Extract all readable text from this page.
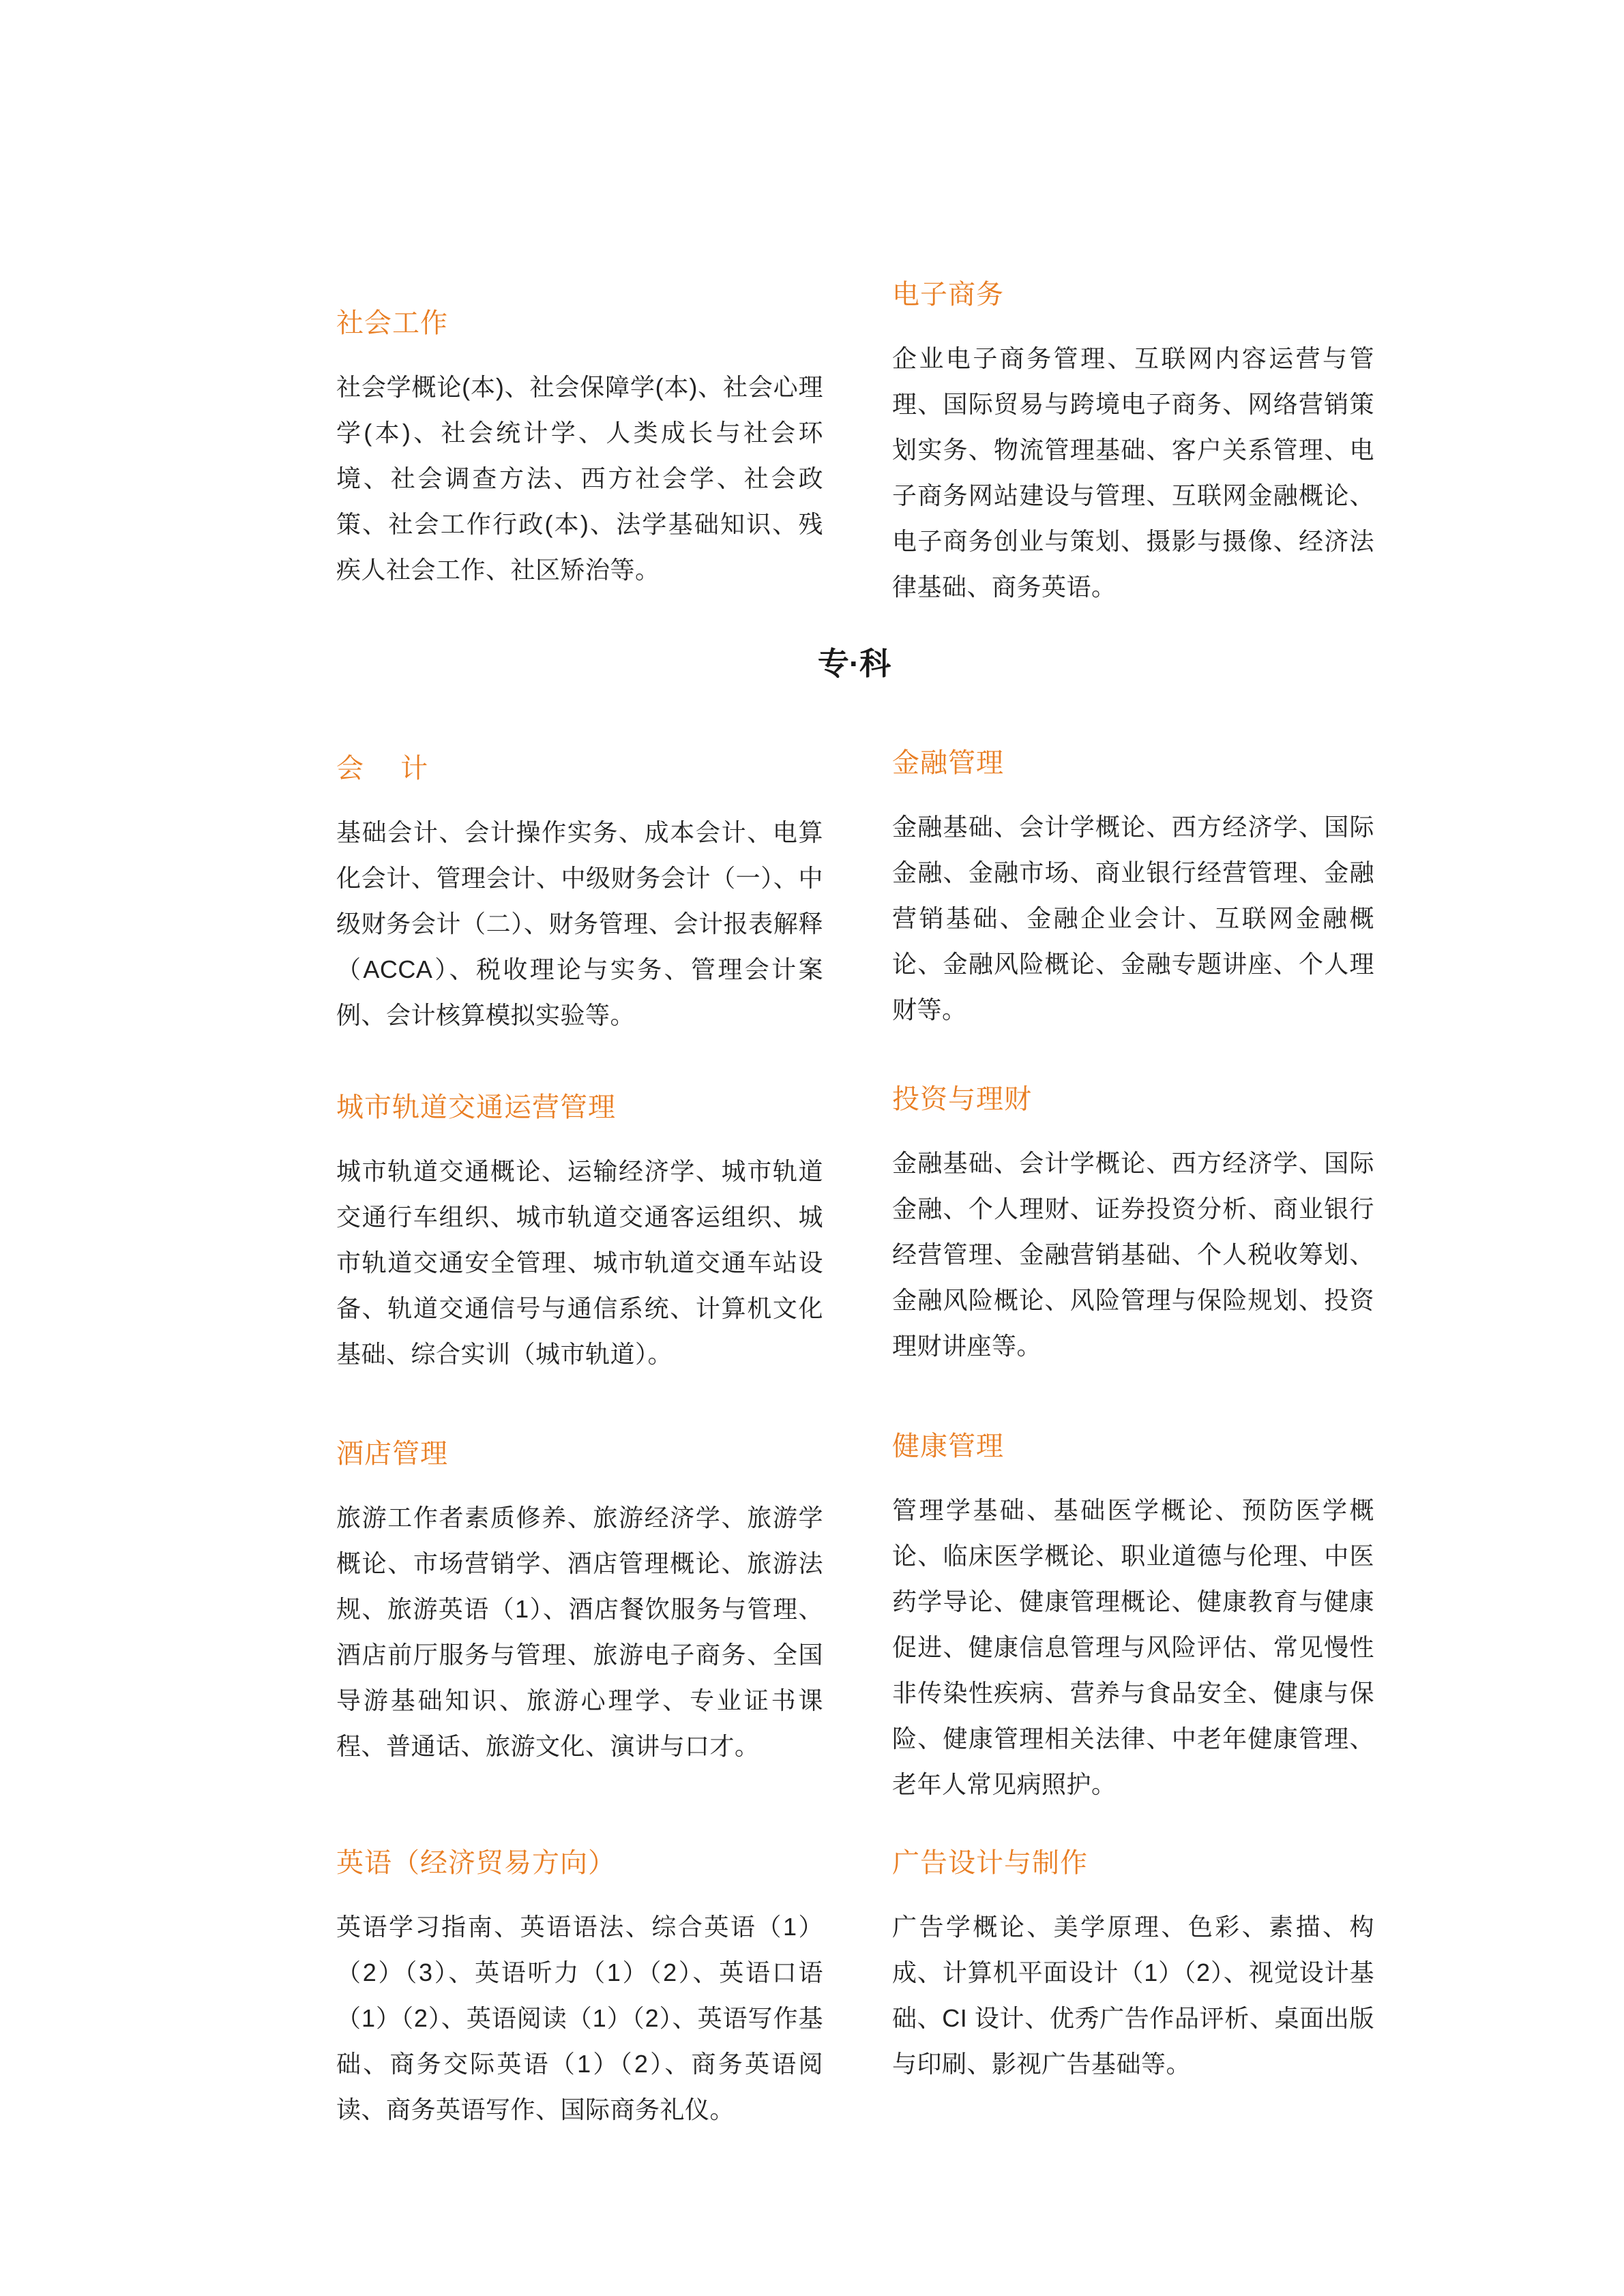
社会工作

社会学概论(本)、社会保障学(本)、社会心理学(本)、社会统计学、人类成长与社会环境、社会调查方法、西方社会学、社会政策、社会工作行政(本)、法学基础知识、残疾人社会工作、社区矫治等。

电子商务

企业电子商务管理、互联网内容运营与管理、国际贸易与跨境电子商务、网络营销策划实务、物流管理基础、客户关系管理、电子商务网站建设与管理、互联网金融概论、电子商务创业与策划、摄影与摄像、经济法律基础、商务英语。

专·科
会　 计

基础会计、会计操作实务、成本会计、电算化会计、管理会计、中级财务会计（一）、中级财务会计（二）、财务管理、会计报表解释（ACCA）、税收理论与实务、管理会计案例、会计核算模拟实验等。

金融管理

金融基础、会计学概论、西方经济学、国际金融、金融市场、商业银行经营管理、金融营销基础、金融企业会计、互联网金融概论、金融风险概论、金融专题讲座、个人理财等。

城市轨道交通运营管理

城市轨道交通概论、运输经济学、城市轨道交通行车组织、城市轨道交通客运组织、城市轨道交通安全管理、城市轨道交通车站设备、轨道交通信号与通信系统、计算机文化基础、综合实训（城市轨道）。

投资与理财

金融基础、会计学概论、西方经济学、国际金融、个人理财、证券投资分析、商业银行经营管理、金融营销基础、个人税收筹划、金融风险概论、风险管理与保险规划、投资理财讲座等。

酒店管理

旅游工作者素质修养、旅游经济学、旅游学概论、市场营销学、酒店管理概论、旅游法规、旅游英语（1）、酒店餐饮服务与管理、酒店前厅服务与管理、旅游电子商务、全国导游基础知识、旅游心理学、专业证书课程、普通话、旅游文化、演讲与口才。

健康管理

管理学基础、基础医学概论、预防医学概论、临床医学概论、职业道德与伦理、中医药学导论、健康管理概论、健康教育与健康促进、健康信息管理与风险评估、常见慢性非传染性疾病、营养与食品安全、健康与保险、健康管理相关法律、中老年健康管理、老年人常见病照护。

英语（经济贸易方向）

英语学习指南、英语语法、综合英语（1）（2）（3）、英语听力（1）（2）、英语口语（1）（2）、英语阅读（1）（2）、英语写作基础、商务交际英语（1）（2）、商务英语阅读、商务英语写作、国际商务礼仪。

广告设计与制作

广告学概论、美学原理、色彩、素描、构成、计算机平面设计（1）（2）、视觉设计基础、CI 设计、优秀广告作品评析、桌面出版与印刷、影视广告基础等。
